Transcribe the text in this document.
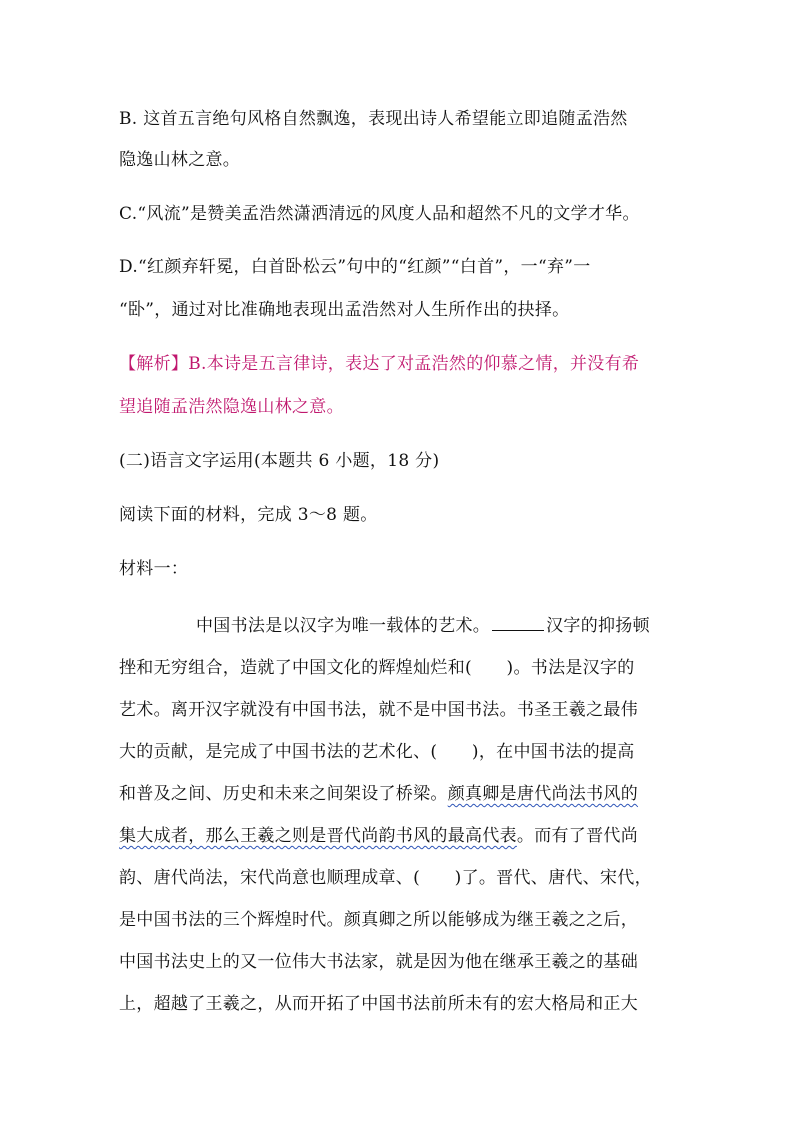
B. 这首五言绝句风格自然飘逸，表现出诗人希望能立即追随孟浩然
隐逸山林之意。
C.“风流”是赞美孟浩然潇洒清远的风度人品和超然不凡的文学才华。
D.“红颜弃轩冕，白首卧松云”句中的“红颜”“白首”，一“弃”一
“卧”，通过对比准确地表现出孟浩然对人生所作出的抉择。
【解析】B.本诗是五言律诗，表达了对孟浩然的仰慕之情，并没有希
望追随孟浩然隐逸山林之意。
(二)语言文字运用(本题共 6 小题，18 分)
阅读下面的材料，完成 3～8 题。
材料一：
中国书法是以汉字为唯一载体的艺术。	汉字的抑扬顿
挫和无穷组合，造就了中国文化的辉煌灿烂和(　　)。书法是汉字的
艺术。离开汉字就没有中国书法，就不是中国书法。书圣王羲之最伟
大的贡献，是完成了中国书法的艺术化、(　　)，在中国书法的提高
和普及之间、历史和未来之间架设了桥梁。颜真卿是唐代尚法书风的
集大成者，那么王羲之则是晋代尚韵书风的最高代表。而有了晋代尚
韵、唐代尚法，宋代尚意也顺理成章、(　　)了。晋代、唐代、宋代，
是中国书法的三个辉煌时代。颜真卿之所以能够成为继王羲之之后，
中国书法史上的又一位伟大书法家，就是因为他在继承王羲之的基础
上，超越了王羲之，从而开拓了中国书法前所未有的宏大格局和正大
